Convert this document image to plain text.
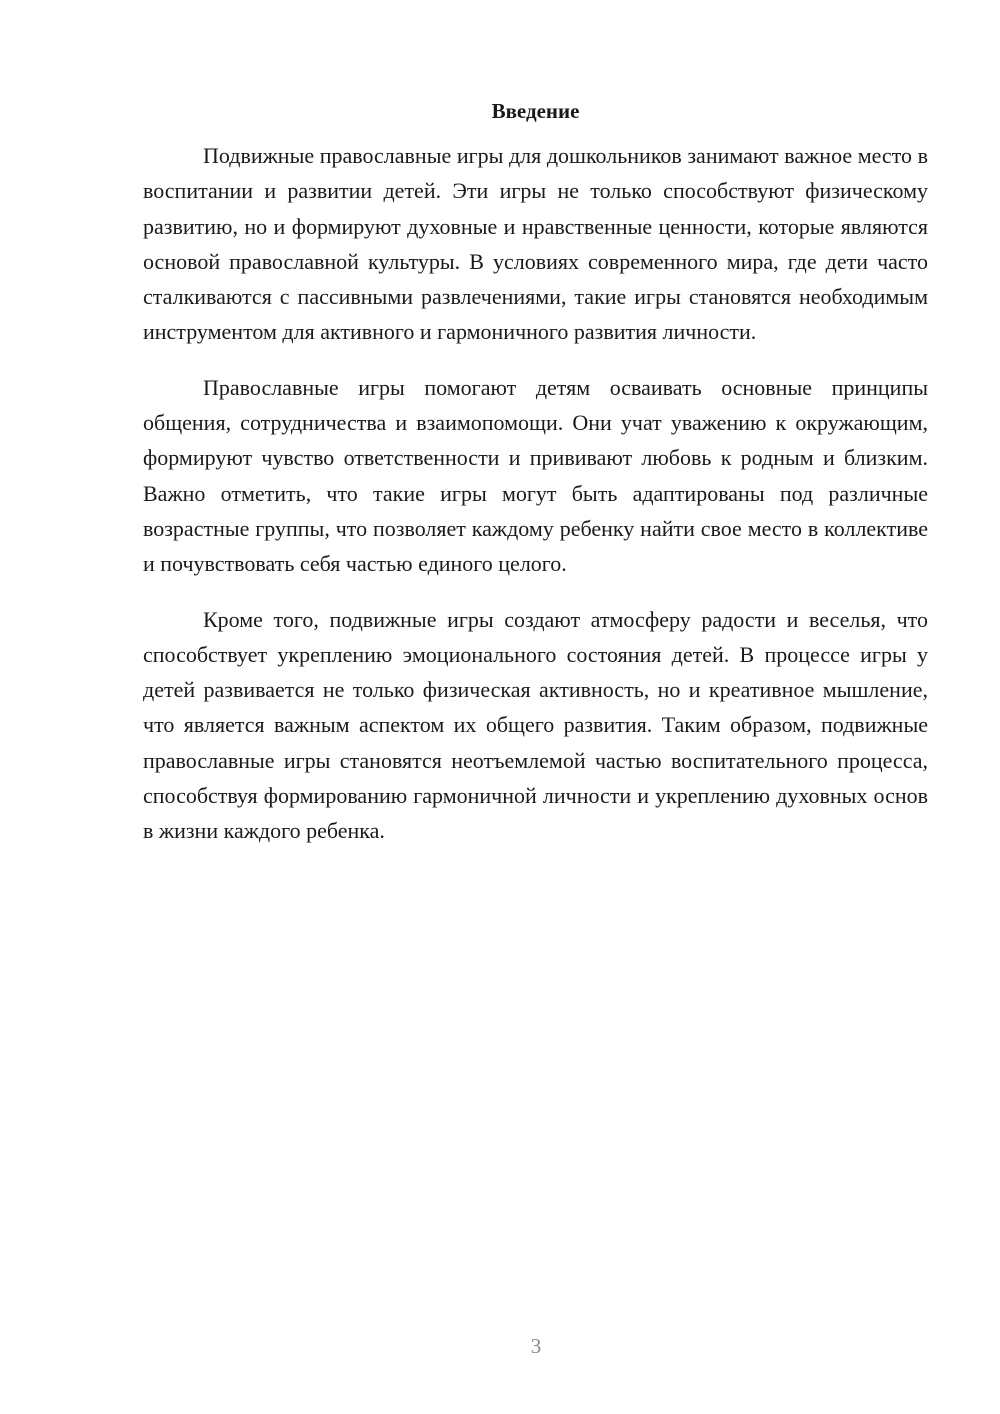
Введение

Подвижные православные игры для дошкольников занимают важное место в воспитании и развитии детей. Эти игры не только способствуют физическому развитию, но и формируют духовные и нравственные ценности, которые являются основой православной культуры. В условиях современного мира, где дети часто сталкиваются с пассивными развлечениями, такие игры становятся необходимым инструментом для активного и гармоничного развития личности.

Православные игры помогают детям осваивать основные принципы общения, сотрудничества и взаимопомощи. Они учат уважению к окружающим, формируют чувство ответственности и прививают любовь к родным и близким. Важно отметить, что такие игры могут быть адаптированы под различные возрастные группы, что позволяет каждому ребенку найти свое место в коллективе и почувствовать себя частью единого целого.

Кроме того, подвижные игры создают атмосферу радости и веселья, что способствует укреплению эмоционального состояния детей. В процессе игры у детей развивается не только физическая активность, но и креативное мышление, что является важным аспектом их общего развития. Таким образом, подвижные православные игры становятся неотъемлемой частью воспитательного процесса, способствуя формированию гармоничной личности и укреплению духовных основ в жизни каждого ребенка.

3
